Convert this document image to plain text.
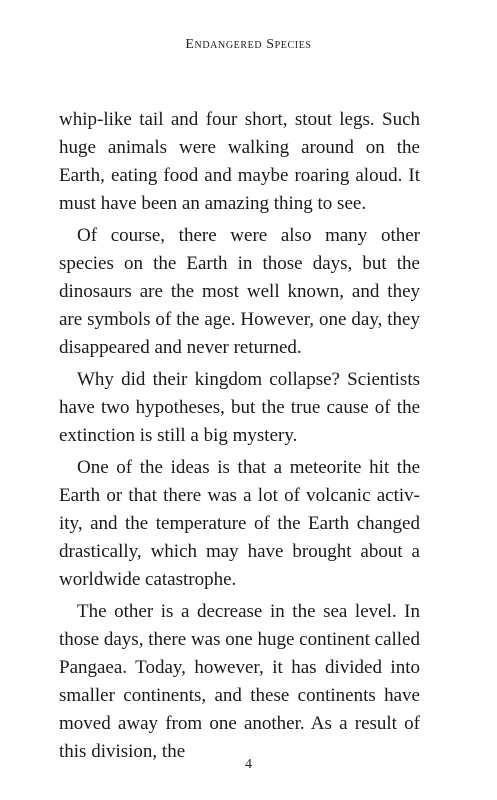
Endangered Species

whip-like tail and four short, stout legs. Such huge animals were walking around on the Earth, eating food and maybe roaring aloud. It must have been an amazing thing to see.

Of course, there were also many other species on the Earth in those days, but the dinosaurs are the most well known, and they are symbols of the age. However, one day, they disappeared and never returned.

Why did their kingdom collapse? Scientists have two hypotheses, but the true cause of the extinction is still a big mystery.

One of the ideas is that a meteorite hit the Earth or that there was a lot of volcanic activity, and the temperature of the Earth changed drastically, which may have brought about a worldwide catastrophe.

The other is a decrease in the sea level. In those days, there was one huge continent called Pangaea. Today, however, it has divided into smaller continents, and these continents have moved away from one another. As a result of this division, the

4
